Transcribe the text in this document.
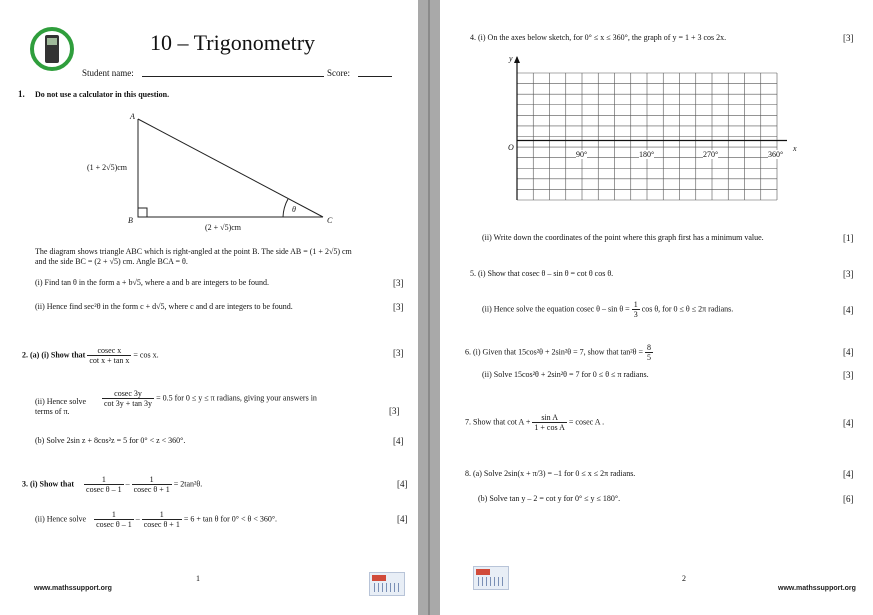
10 – Trigonometry
Student name:	Score:
1. Do not use a calculator in this question.
A
B	C
θ
(1 + 2√5)cm
(2 + √5)cm
The diagram shows triangle ABC which is right-angled at the point B. The side AB = (1 + 2√5) cm
and the side BC = (2 + √5) cm. Angle BCA = θ.
(i) Find tan θ in the form a + b√5, where a and b are integers to be found.	[3]
(ii) Hence find sec²θ in the form c + d√5, where c and d are integers to be found.	[3]
2. (a) (i) Show that $\frac{\text{cosec x}}{\text{cot x + tan x}} = \cos x$.	[3]
(ii) Hence solve
terms of π.
$\frac{cosec 3y}{\cot 3y + \tan 3y} = 0.5$ for 0 ≤ y ≤ π radians, giving your answers in
[3]
(b) Solve 2sin z + 8cos²z = 5 for 0° < z < 360°.	[4]
3. (i) Show that $\frac{1}{\text{cosec θ – 1}} - \frac{1}{\text{cosec θ + 1}} = 2\tan^2\theta$.	[4]
(ii) Hence solve $\frac{1}{\text{cosec θ – 1}} - \frac{1}{\text{cosec θ + 1}} = 6 + \tan \theta$ for 0° < θ < 360°.	[4]
1
www.mathssupport.org
4. (i) On the axes below sketch, for 0° ≤ x ≤ 360°, the graph of y = 1 + 3 cos 2x.	[3]
y
x
O
90°	180°	270°	360°
(ii) Write down the coordinates of the point where this graph first has a minimum value.	[1]
5. (i) Show that cosec θ – sin θ = cot θ cos θ.	[3]
(ii) Hence solve the equation cosec $\theta - \sin \theta = \frac{1}{3}$ cos θ, for 0 ≤ θ ≤ 2π radians.	[4]
6. (i) Given that 15cos²θ + 2sin²θ = 7, show that $\tan^2\theta = \frac{8}{5}$	[4]
(ii) Solve 15cos²θ + 2sin²θ = 7 for 0 ≤ θ ≤ π radians.	[3]
7. Show that $\cot A + \frac{\text{sin A}}{\text{1 + cos A}} = cosec$ A .	[4]
8. (a) Solve 2sin(x + π/3) = –1 for 0 ≤ x ≤ 2π radians.	[4]
(b) Solve tan y – 2 = cot y for 0° ≤ y ≤ 180°.	[6]
2
www.mathssupport.org
